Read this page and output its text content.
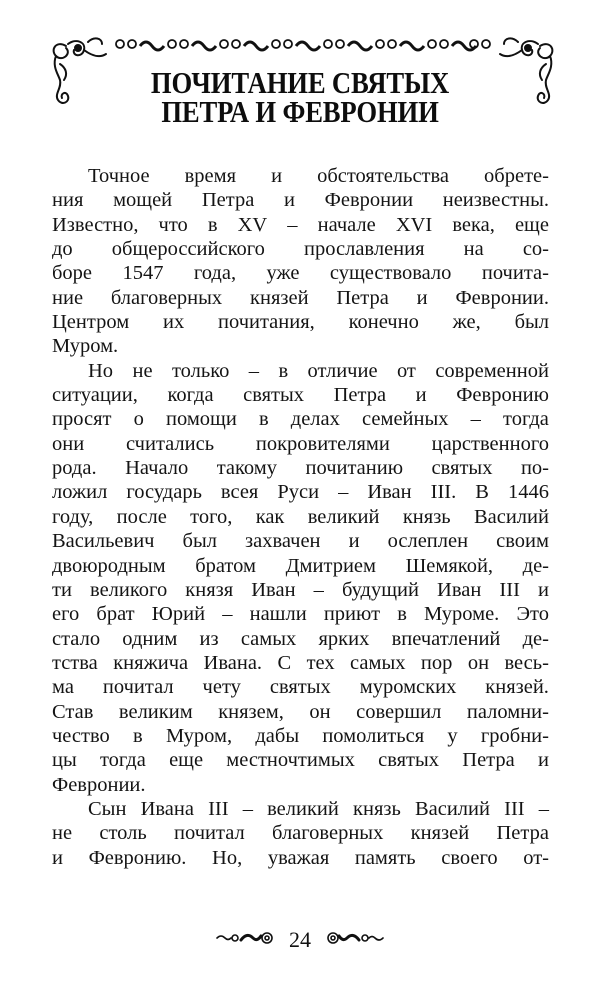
ПОЧИТАНИЕ СВЯТЫХ
ПЕТРА И ФЕВРОНИИ
Точное время и обстоятельства обрете-
ния мощей Петра и Февронии неизвестны.
Известно, что в XV – начале XVI века, еще
до общероссийского прославления на со-
боре 1547 года, уже существовало почита-
ние благоверных князей Петра и Февронии.
Центром их почитания, конечно же, был
Муром.
Но не только – в отличие от современной
ситуации, когда святых Петра и Февронию
просят о помощи в делах семейных – тогда
они считались покровителями царственного
рода. Начало такому почитанию святых по-
ложил государь всея Руси – Иван III. В 1446
году, после того, как великий князь Василий
Васильевич был захвачен и ослеплен своим
двоюродным братом Дмитрием Шемякой, де-
ти великого князя Иван – будущий Иван III и
его брат Юрий – нашли приют в Муроме. Это
стало одним из самых ярких впечатлений де-
тства княжича Ивана. С тех самых пор он весь-
ма почитал чету святых муромских князей.
Став великим князем, он совершил паломни-
чество в Муром, дабы помолиться у гробни-
цы тогда еще местночтимых святых Петра и
Февронии.
Сын Ивана III – великий князь Василий III –
не столь почитал благоверных князей Петра
и Февронию. Но, уважая память своего от-
24
